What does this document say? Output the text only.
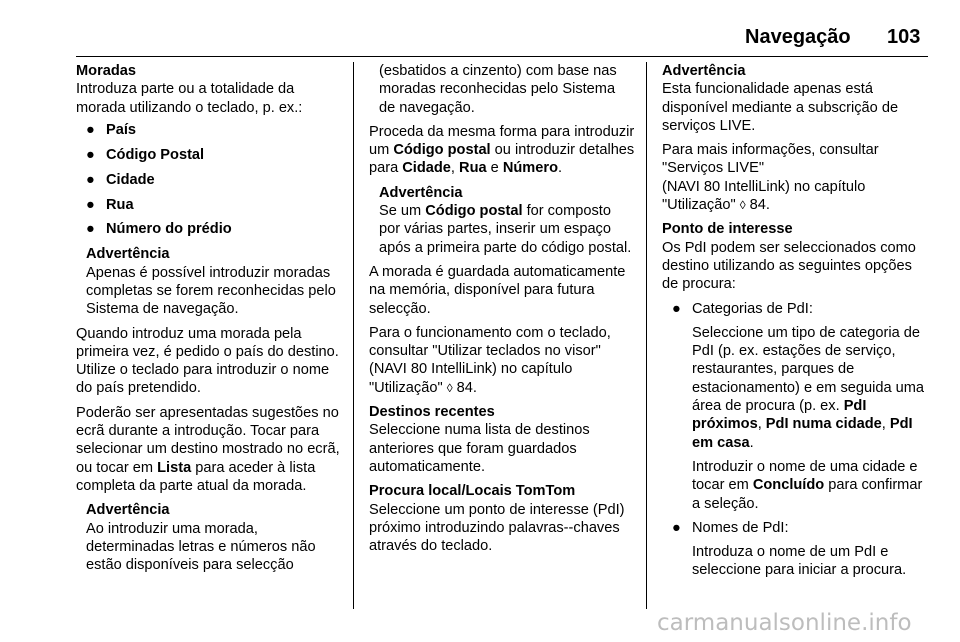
Navegação 103

Moradas

Introduza parte ou a totalidade da morada utilizando o teclado, p. ex.:

● País
● Código Postal
● Cidade
● Rua
● Número do prédio

Advertência

Apenas é possível introduzir moradas completas se forem reconhecidas pelo Sistema de navegação.

Quando introduz uma morada pela primeira vez, é pedido o país do destino. Utilize o teclado para introduzir o nome do país pretendido.

Poderão ser apresentadas sugestões no ecrã durante a introdução. Tocar para selecionar um destino mostrado no ecrã, ou tocar em Lista para aceder à lista completa da parte atual da morada.

Advertência

Ao introduzir uma morada, determinadas letras e números não estão disponíveis para selecção

(esbatidos a cinzento) com base nas moradas reconhecidas pelo Sistema de navegação.

Proceda da mesma forma para introduzir um Código postal ou introduzir detalhes para Cidade, Rua e Número.

Advertência

Se um Código postal for composto por várias partes, inserir um espaço após a primeira parte do código postal.

A morada é guardada automaticamente na memória, disponível para futura selecção.

Para o funcionamento com o teclado, consultar "Utilizar teclados no visor" (NAVI 80 IntelliLink) no capítulo "Utilização" ◊ 84.

Destinos recentes

Seleccione numa lista de destinos anteriores que foram guardados automaticamente.

Procura local/Locais TomTom

Seleccione um ponto de interesse (PdI) próximo introduzindo palavras--chaves através do teclado.

Advertência

Esta funcionalidade apenas está disponível mediante a subscrição de serviços LIVE.

Para mais informações, consultar "Serviços LIVE"

(NAVI 80 IntelliLink) no capítulo "Utilização" ◊ 84.

Ponto de interesse

Os PdI podem ser seleccionados como destino utilizando as seguintes opções de procura:

● Categorias de PdI:

Seleccione um tipo de categoria de PdI (p. ex. estações de serviço, restaurantes, parques de estacionamento) e em seguida uma área de procura (p. ex. PdI próximos, PdI numa cidade, PdI em casa.

Introduzir o nome de uma cidade e tocar em Concluído para confirmar a seleção.

● Nomes de PdI:

Introduza o nome de um PdI e seleccione para iniciar a procura.

carmanualsonline.info
